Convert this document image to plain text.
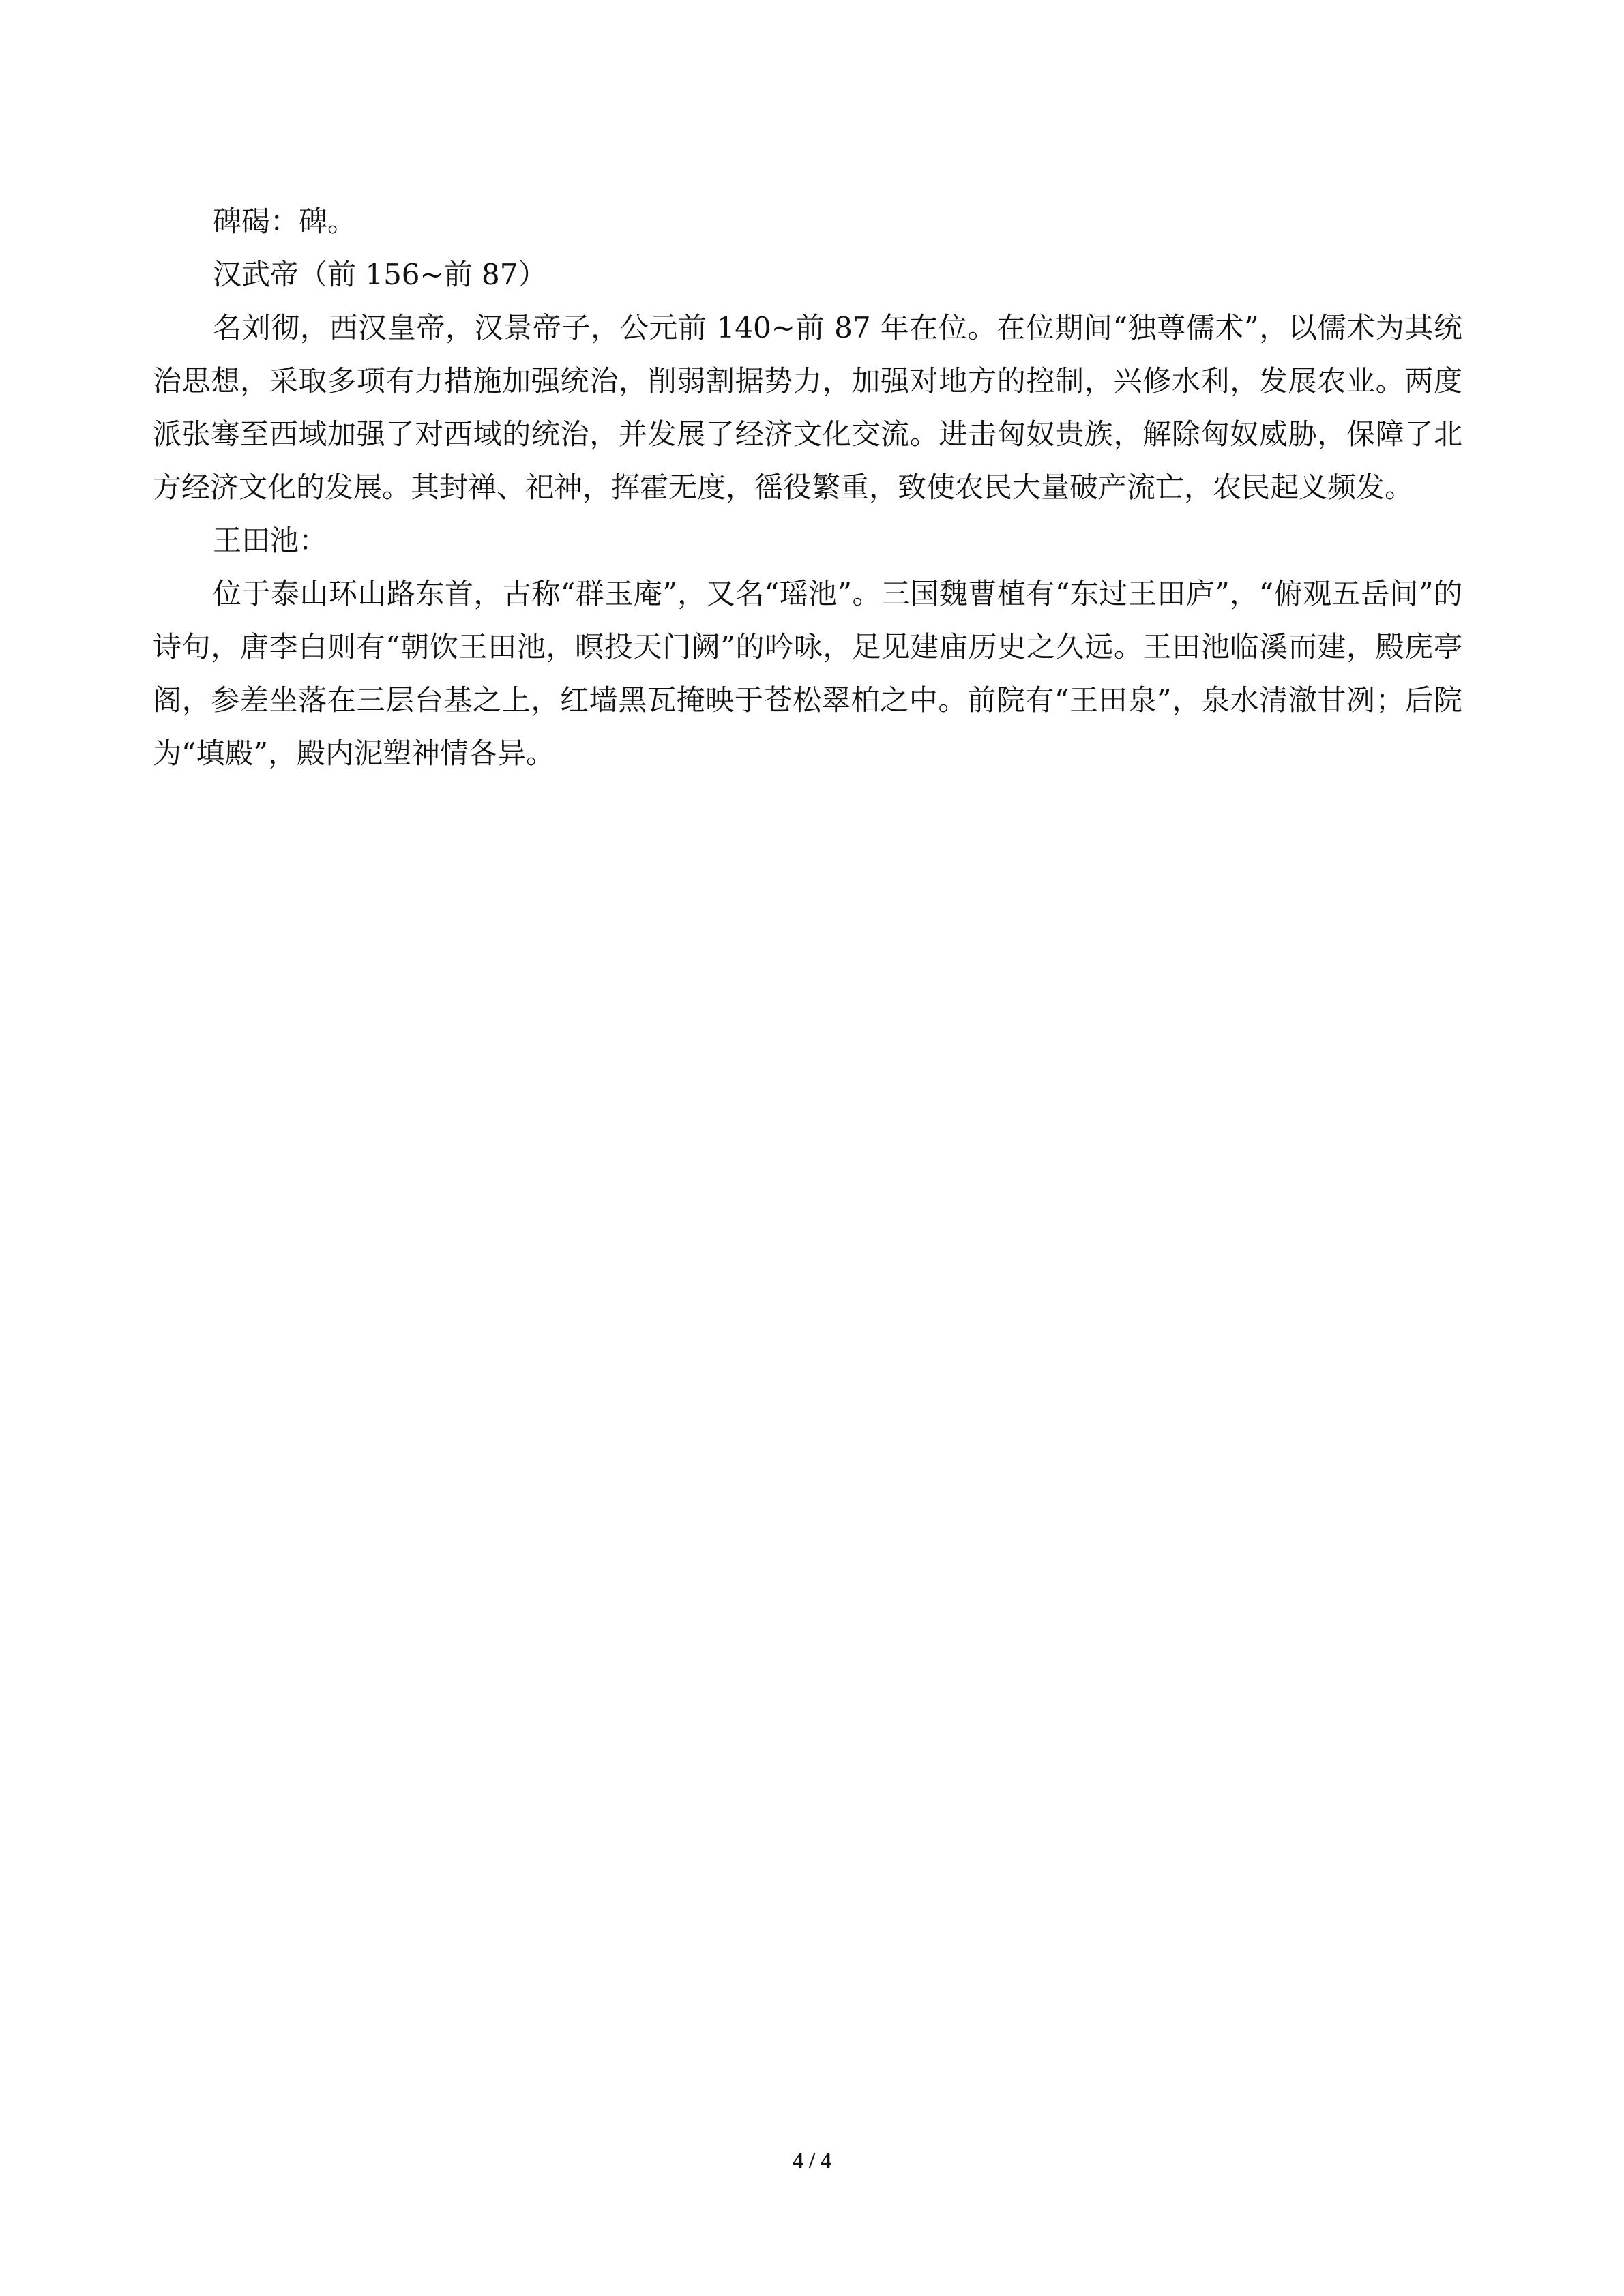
碑碣：碑。

汉武帝（前 156~前 87）

名刘彻，西汉皇帝，汉景帝子，公元前 140~前 87 年在位。在位期间“独尊儒术”，以儒术为其统治思想，采取多项有力措施加强统治，削弱割据势力，加强对地方的控制，兴修水利，发展农业。两度派张骞至西域加强了对西域的统治，并发展了经济文化交流。进击匈奴贵族，解除匈奴威胁，保障了北方经济文化的发展。其封禅、祀神，挥霍无度，徭役繁重，致使农民大量破产流亡，农民起义频发。

王田池：

位于泰山环山路东首，古称“群玉庵”，又名“瑶池”。三国魏曹植有“东过王田庐”，“俯观五岳间”的诗句，唐李白则有“朝饮王田池，暝投天门阙”的吟咏，足见建庙历史之久远。王田池临溪而建，殿庑亭阁，参差坐落在三层台基之上，红墙黑瓦掩映于苍松翠柏之中。前院有“王田泉”，泉水清澈甘冽；后院为“填殿”，殿内泥塑神情各异。

4 / 4
